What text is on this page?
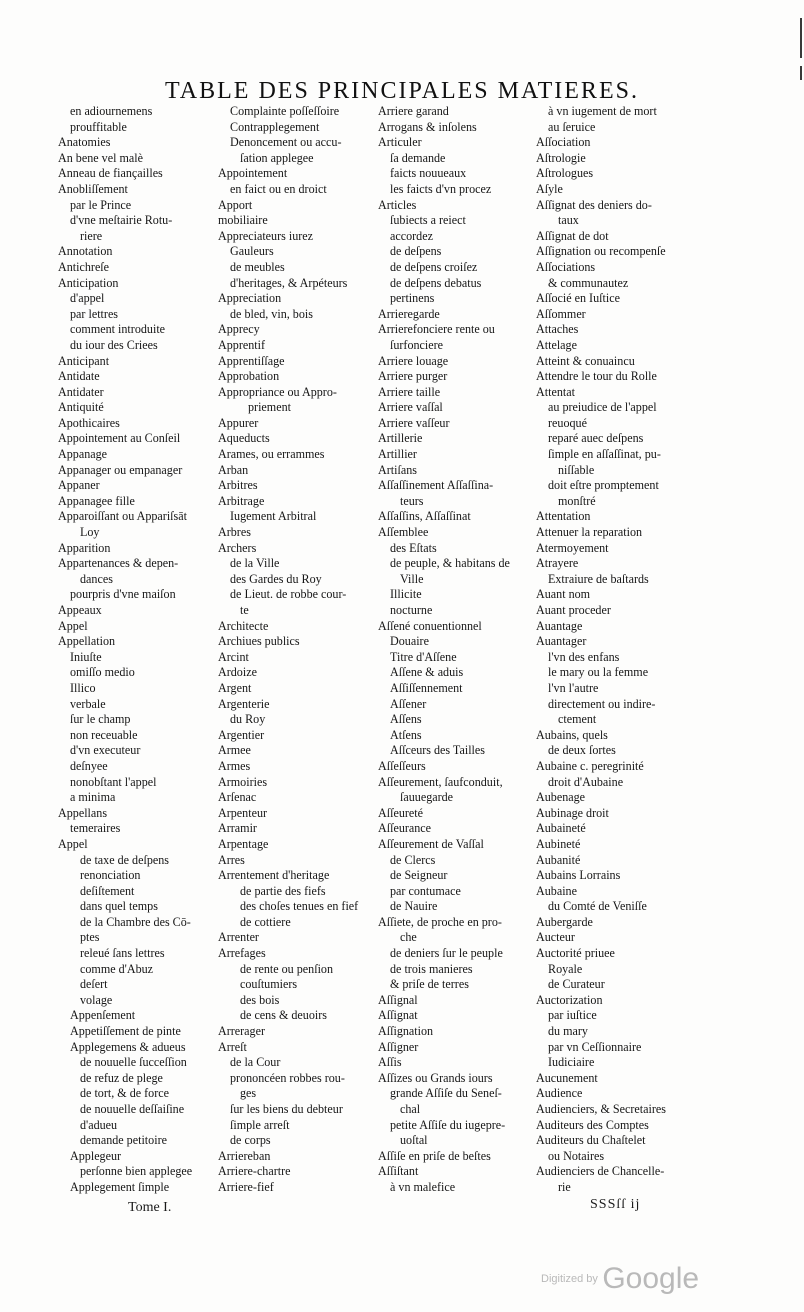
TABLE DES PRINCIPALES MATIERES.
en adiournemens
prouffitable
Anatomies
An bene vel malè
Anneau de fiançailles
Anobliſſement
par le Prince
d'vne meſtairie Rotu-
riere
Annotation
Antichreſe
Anticipation
d'appel
par lettres
comment introduite
du iour des Criees
Anticipant
Antidate
Antidater
Antiquité
Apothicaires
Appointement au Conſeil
Appanage
Appanager ou empanager
Appaner
Appanagee fille
Apparoiſſant ou Appariſsāt
Loy
Apparition
Appartenances & depen-
dances
pourpris d'vne maiſon
Appeaux
Appel
Appellation
Iniuſte
omiſſo medio
Illico
verbale
ſur le champ
non receuable
d'vn executeur
deſnyee
nonobſtant l'appel
a minima
Appellans
temeraires
Appel
de taxe de deſpens
renonciation
deſiſtement
dans quel temps
de la Chambre des Cō-
ptes
releué ſans lettres
comme d'Abuz
deſert
volage
Appenſement
Appetiſſement de pinte
Applegemens & adueus
de nouuelle ſucceſſion
de refuz de plege
de tort, & de force
de nouuelle deſſaiſine
d'adueu
demande petitoire
Applegeur
perſonne bien applegee
Applegement ſimple
Complainte poſſeſſoire
Contrapplegement
Denoncement ou accu-
ſation applegee
Appointement
en faict ou en droict
Apport
mobiliaire
Appreciateurs iurez
Gauleurs
de meubles
d'heritages, & Arpéteurs
Appreciation
de bled, vin, bois
Apprecy
Apprentif
Apprentiſſage
Approbation
Appropriance ou Appro-
priement
Appurer
Aqueducts
Arames, ou errammes
Arban
Arbitres
Arbitrage
Iugement Arbitral
Arbres
Archers
de la Ville
des Gardes du Roy
de Lieut. de robbe cour-
te
Architecte
Archiues publics
Arcint
Ardoize
Argent
Argenterie
du Roy
Argentier
Armee
Armes
Armoiries
Arſenac
Arpenteur
Arramir
Arpentage
Arres
Arrentement d'heritage
de partie des fiefs
des choſes tenues en fief
de cottiere
Arrenter
Arrefages
de rente ou penſion
couſtumiers
des bois
de cens & deuoirs
Arrerager
Arreſt
de la Cour
prononcéen robbes rou-
ges
ſur les biens du debteur
ſimple arreſt
de corps
Arriereban
Arriere-chartre
Arriere-fief
Arriere garand
Arrogans & inſolens
Articuler
ſa demande
faicts nouueaux
les faicts d'vn procez
Articles
ſubiects a reiect
accordez
de deſpens
de deſpens croiſez
de deſpens debatus
pertinens
Arrieregarde
Arrierefonciere rente ou
ſurfonciere
Arriere louage
Arriere purger
Arriere taille
Arriere vaſſal
Arriere vaſſeur
Artillerie
Artillier
Artiſans
Aſſaſſinement Aſſaſſina-
teurs
Aſſaſſins, Aſſaſſinat
Aſſemblee
des Eſtats
de peuple, & habitans de
Ville
Illicite
nocturne
Aſſené conuentionnel
Douaire
Titre d'Aſſene
Aſſene & aduis
Aſſiſſennement
Aſſener
Aſſens
Atſens
Aſſceurs des Tailles
Aſſeſſeurs
Aſſeurement, ſaufconduit,
ſauuegarde
Aſſeureté
Aſſeurance
Aſſeurement de Vaſſal
de Clercs
de Seigneur
par contumace
de Nauire
Aſſiete, de proche en pro-
che
de deniers ſur le peuple
de trois manieres
& priſe de terres
Aſſignal
Aſſignat
Aſſignation
Aſſigner
Aſſis
Aſſizes ou Grands iours
grande Aſſiſe du Seneſ-
chal
petite Aſſiſe du iugepre-
uoſtal
Aſſiſe en priſe de beſtes
Aſſiſtant
à vn malefice
à vn iugement de mort
au ſeruice
Aſſociation
Aſtrologie
Aſtrologues
Aſyle
Aſſignat des deniers do-
taux
Aſſignat de dot
Aſſignation ou recompenſe
Aſſociations
& communautez
Aſſocié en Iuſtice
Aſſommer
Attaches
Attelage
Atteint & conuaincu
Attendre le tour du Rolle
Attentat
au preiudice de l'appel
reuoqué
reparé auec deſpens
ſimple en aſſaſſinat, pu-
niſſable
doit eſtre promptement
monſtré
Attentation
Attenuer la reparation
Atermoyement
Atrayere
Extraiure de baſtards
Auant nom
Auant proceder
Auantage
Auantager
l'vn des enfans
le mary ou la femme
l'vn l'autre
directement ou indire-
ctement
Aubains, quels
de deux ſortes
Aubaine c. peregrinité
droit d'Aubaine
Aubenage
Aubinage droit
Aubaineté
Aubineté
Aubanité
Aubains Lorrains
Aubaine
du Comté de Veniſſe
Aubergarde
Aucteur
Auctorité priuee
Royale
de Curateur
Auctorization
par iuſtice
du mary
par vn Ceſſionnaire
Iudiciaire
Aucunement
Audience
Audienciers, & Secretaires
Auditeurs des Comptes
Auditeurs du Chaſtelet
ou Notaires
Audienciers de Chancelle-
rie
Tome I.	SSSſſ ij
Digitized by Google
